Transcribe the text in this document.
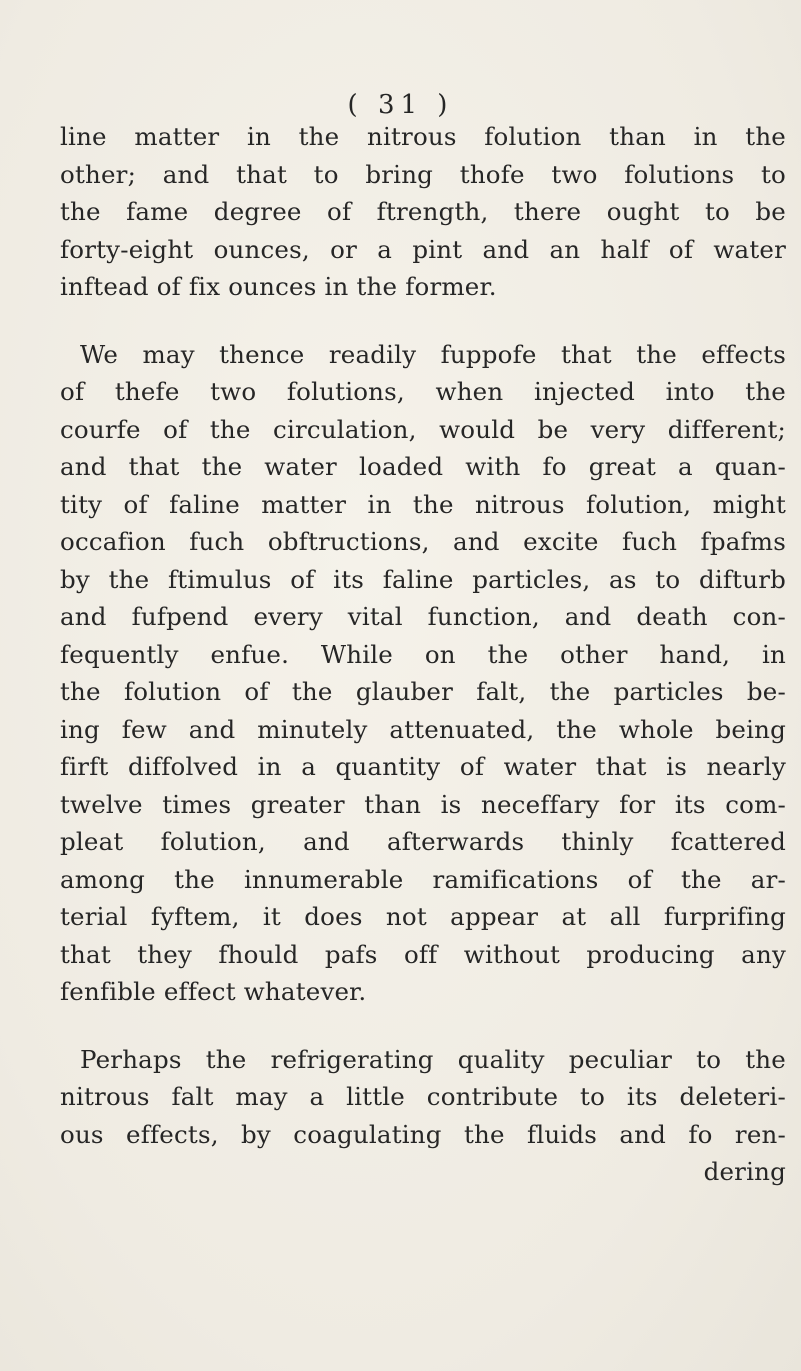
( 31 )

line matter in the nitrous folution than in the

other; and that to bring thofe two folutions to

the fame degree of ftrength, there ought to be

forty-eight ounces, or a pint and an half of water

inftead of fix ounces in the former.

We may thence readily fuppofe that the effects

of thefe two folutions, when injected into the

courfe of the circulation, would be very different;

and that the water loaded with fo great a quan-

tity of faline matter in the nitrous folution, might

occafion fuch obftructions, and excite fuch fpafms

by the ftimulus of its faline particles, as to difturb

and fufpend every vital function, and death con-

fequently enfue. While on the other hand, in

the folution of the glauber falt, the particles be-

ing few and minutely attenuated, the whole being

firft diffolved in a quantity of water that is nearly

twelve times greater than is neceffary for its com-

pleat folution, and afterwards thinly fcattered

among the innumerable ramifications of the ar-

terial fyftem, it does not appear at all furprifing

that they fhould pafs off without producing any

fenfible effect whatever.

Perhaps the refrigerating quality peculiar to the

nitrous falt may a little contribute to its deleteri-

ous effects, by coagulating the fluids and fo ren-

dering
